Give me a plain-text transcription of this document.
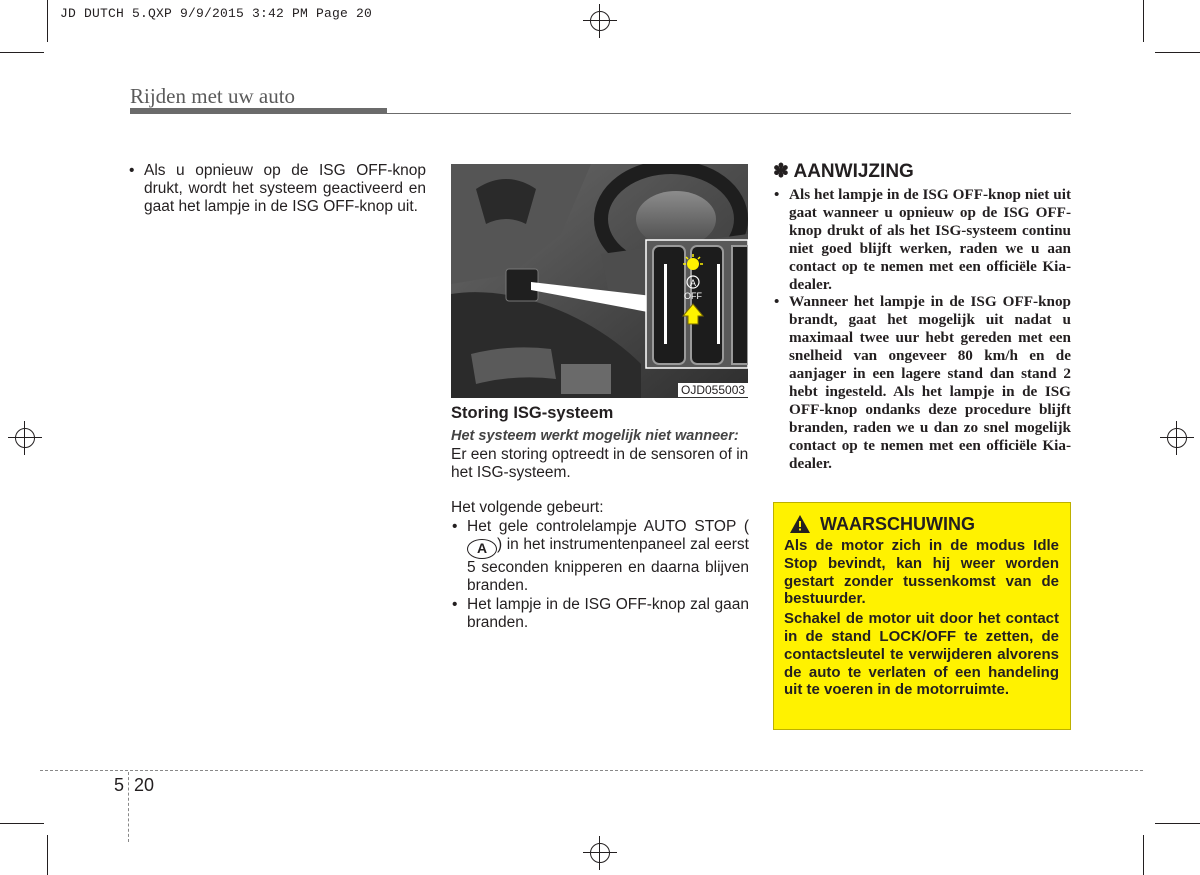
JD DUTCH 5.QXP 9/9/2015 3:42 PM Page 20
Rijden met uw auto
• Als u opnieuw op de ISG OFF-knop drukt, wordt het systeem geactiveerd en gaat het lampje in de ISG OFF-knop uit.
A
OFF
OJD055003
Storing ISG-systeem
Het systeem werkt mogelijk niet wanneer:
Er een storing optreedt in de sensoren of in het ISG-systeem.
Het volgende gebeurt:
• Het gele controlelampje AUTO STOP (A ) in het instrumentenpaneel zal eerst 5 seconden knipperen en daarna blijven branden.
• Het lampje in de ISG OFF-knop zal gaan branden.
✽ AANWIJZING
• Als het lampje in de ISG OFF-knop niet uit gaat wanneer u opnieuw op de ISG OFF-knop drukt of als het ISG-systeem continu niet goed blijft werken, raden we u aan contact op te nemen met een officiële Kia-dealer.
• Wanneer het lampje in de ISG OFF-knop brandt, gaat het mogelijk uit nadat u maximaal twee uur hebt gereden met een snelheid van ongeveer 80 km/h en de aanjager in een lagere stand dan stand 2 hebt ingesteld. Als het lampje in de ISG OFF-knop ondanks deze procedure blijft branden, raden we u dan zo snel mogelijk contact op te nemen met een officiële Kia-dealer.
WAARSCHUWING

Als de motor zich in de modus Idle Stop bevindt, kan hij weer worden gestart zonder tussenkomst van de bestuurder.

Schakel de motor uit door het contact in de stand LOCK/OFF te zetten, de contactsleutel te verwijderen alvorens de auto te verlaten of een handeling uit te voeren in de motorruimte.

5 20
